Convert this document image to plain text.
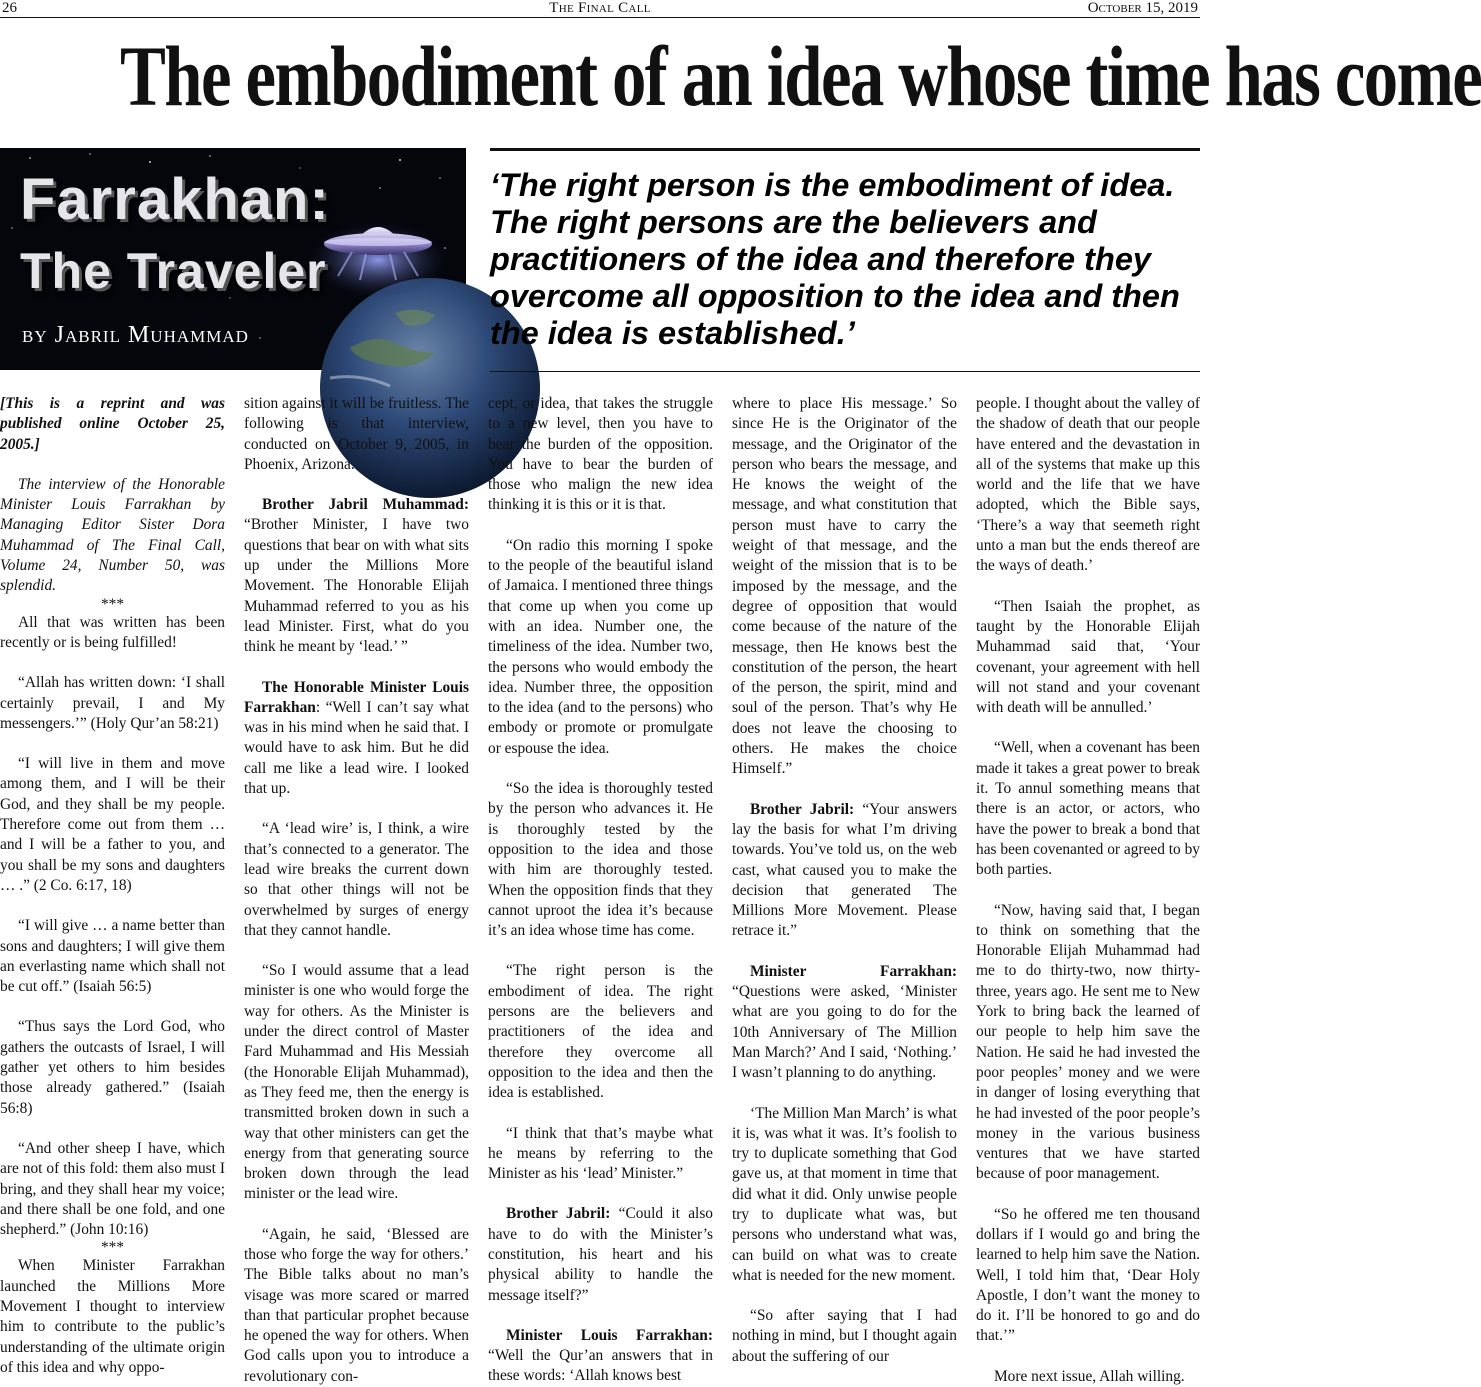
26	The Final Call	October 15, 2019
The embodiment of an idea whose time has come
Farrakhan:
The Traveler
by Jabril Muhammad

‘The right person is the embodiment of idea. The right persons are the believers and practitioners of the idea and therefore they overcome all opposition to the idea and then the idea is established.’

[This is a reprint and was published online October 25, 2005.]

The interview of the Honorable Minister Louis Farrakhan by Managing Editor Sister Dora Muhammad of The Final Call, Volume 24, Number 50, was splendid.

***

All that was written has been recently or is being fulfilled!

“Allah has written down: ‘I shall certainly prevail, I and My messengers.’” (Holy Qur’an 58:21)

“I will live in them and move among them, and I will be their God, and they shall be my people. Therefore come out from them … and I will be a father to you, and you shall be my sons and daughters … .” (2 Co. 6:17, 18)

“I will give … a name better than sons and daughters; I will give them an everlasting name which shall not be cut off.” (Isaiah 56:5)

“Thus says the Lord God, who gathers the outcasts of Israel, I will gather yet others to him besides those already gathered.” (Isaiah 56:8)

“And other sheep I have, which are not of this fold: them also must I bring, and they shall hear my voice; and there shall be one fold, and one shepherd.” (John 10:16)

***

When Minister Farrakhan launched the Millions More Movement I thought to interview him to contribute to the public’s understanding of the ultimate origin of this idea and why oppo-

sition against it will be fruitless. The following is that interview, conducted on October 9, 2005, in Phoenix, Arizona.

Brother Jabril Muhammad: “Brother Minister, I have two questions that bear on with what sits up under the Millions More Movement. The Honorable Elijah Muhammad referred to you as his lead Minister. First, what do you think he meant by ‘lead.’ ”

The Honorable Minister Louis Farrakhan: “Well I can’t say what was in his mind when he said that. I would have to ask him. But he did call me like a lead wire. I looked that up.

“A ‘lead wire’ is, I think, a wire that’s connected to a generator. The lead wire breaks the current down so that other things will not be overwhelmed by surges of energy that they cannot handle.

“So I would assume that a lead minister is one who would forge the way for others. As the Minister is under the direct control of Master Fard Muhammad and His Messiah (the Honorable Elijah Muhammad), as They feed me, then the energy is transmitted broken down in such a way that other ministers can get the energy from that generating source broken down through the lead minister or the lead wire.

“Again, he said, ‘Blessed are those who forge the way for others.’ The Bible talks about no man’s visage was more scared or marred than that particular prophet because he opened the way for others. When God calls upon you to introduce a revolutionary con-

cept, or idea, that takes the struggle to a new level, then you have to bear the burden of the opposition. You have to bear the burden of those who malign the new idea thinking it is this or it is that.

“On radio this morning I spoke to the people of the beautiful island of Jamaica. I mentioned three things that come up when you come up with an idea. Number one, the timeliness of the idea. Number two, the persons who would embody the idea. Number three, the opposition to the idea (and to the persons) who embody or promote or promulgate or espouse the idea.

“So the idea is thoroughly tested by the person who advances it. He is thoroughly tested by the opposition to the idea and those with him are thoroughly tested. When the opposition finds that they cannot uproot the idea it’s because it’s an idea whose time has come.

“The right person is the embodiment of idea. The right persons are the believers and practitioners of the idea and therefore they overcome all opposition to the idea and then the idea is established.

“I think that that’s maybe what he means by referring to the Minister as his ‘lead’ Minister.”

Brother Jabril: “Could it also have to do with the Minister’s constitution, his heart and his physical ability to handle the message itself?”

Minister Louis Farrakhan: “Well the Qur’an answers that in these words: ‘Allah knows best

where to place His message.’ So since He is the Originator of the message, and the Originator of the person who bears the message, and He knows the weight of the message, and what constitution that person must have to carry the weight of that message, and the weight of the mission that is to be imposed by the message, and the degree of opposition that would come because of the nature of the message, then He knows best the constitution of the person, the heart of the person, the spirit, mind and soul of the person. That’s why He does not leave the choosing to others. He makes the choice Himself.”

Brother Jabril: “Your answers lay the basis for what I’m driving towards. You’ve told us, on the web cast, what caused you to make the decision that generated The Millions More Movement. Please retrace it.”

Minister Farrakhan: “Questions were asked, ‘Minister what are you going to do for the 10th Anniversary of The Million Man March?’ And I said, ‘Nothing.’ I wasn’t planning to do anything.

‘The Million Man March’ is what it is, was what it was. It’s foolish to try to duplicate something that God gave us, at that moment in time that did what it did. Only unwise people try to duplicate what was, but persons who understand what was, can build on what was to create what is needed for the new moment.

“So after saying that I had nothing in mind, but I thought again about the suffering of our

people. I thought about the valley of the shadow of death that our people have entered and the devastation in all of the systems that make up this world and the life that we have adopted, which the Bible says, ‘There’s a way that seemeth right unto a man but the ends thereof are the ways of death.’

“Then Isaiah the prophet, as taught by the Honorable Elijah Muhammad said that, ‘Your covenant, your agreement with hell will not stand and your covenant with death will be annulled.’

“Well, when a covenant has been made it takes a great power to break it. To annul something means that there is an actor, or actors, who have the power to break a bond that has been covenanted or agreed to by both parties.

“Now, having said that, I began to think on something that the Honorable Elijah Muhammad had me to do thirty-two, now thirty-three, years ago. He sent me to New York to bring back the learned of our people to help him save the Nation. He said he had invested the poor peoples’ money and we were in danger of losing everything that he had invested of the poor people’s money in the various business ventures that we have started because of poor management.

“So he offered me ten thousand dollars if I would go and bring the learned to help him save the Nation. Well, I told him that, ‘Dear Holy Apostle, I don’t want the money to do it. I’ll be honored to go and do that.’”

More next issue, Allah willing.
